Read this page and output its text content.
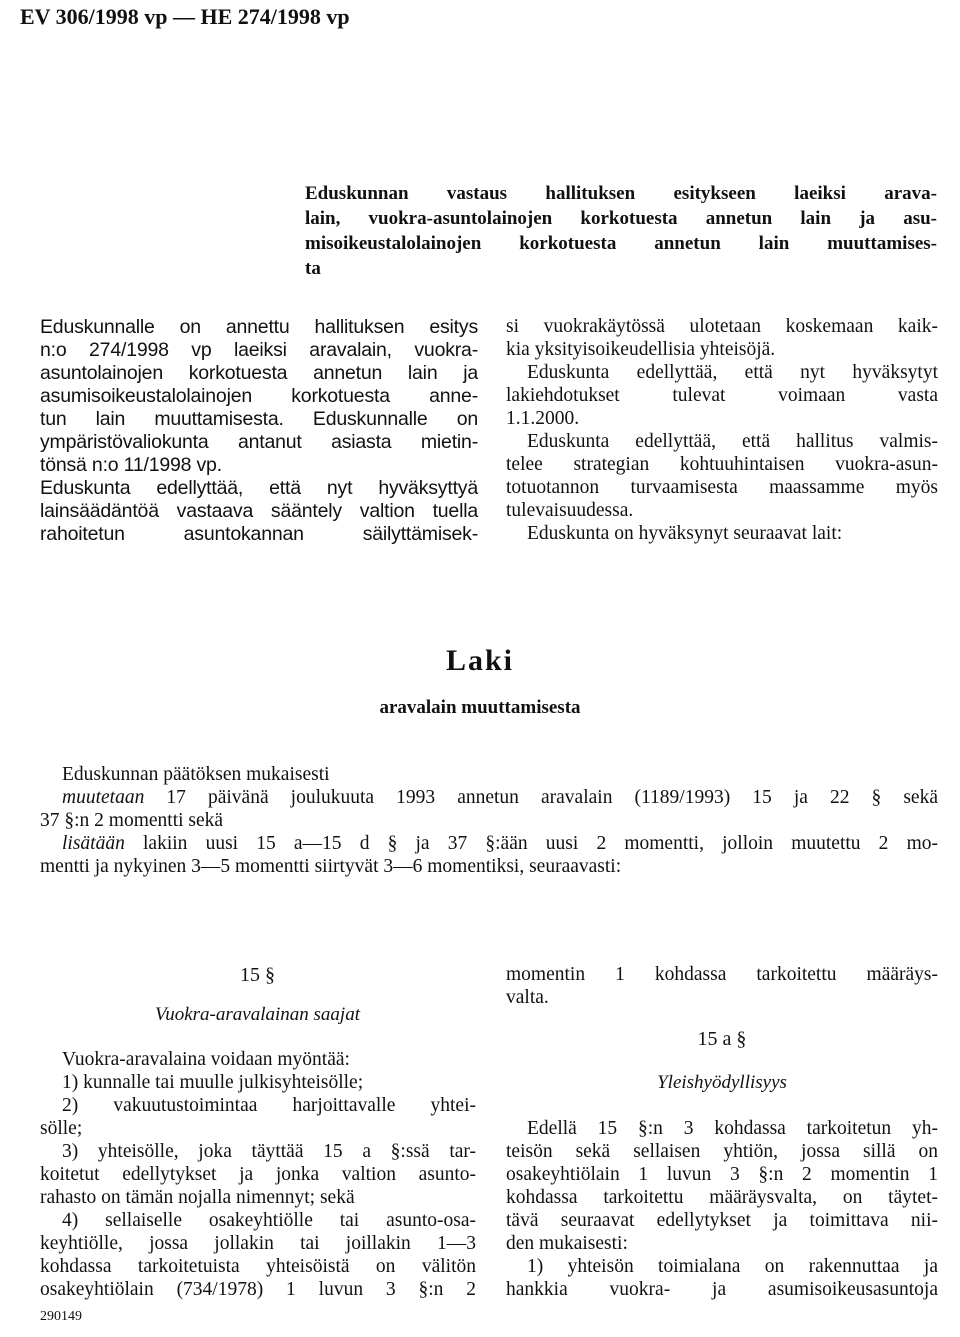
EV 306/1998 vp — HE 274/1998 vp
Eduskunnan vastaus hallituksen esitykseen laeiksi arava-
lain, vuokra-asuntolainojen korkotuesta annetun lain ja asu-
misoikeustalolainojen korkotuesta annetun lain muuttamises-
ta
Eduskunnalle on annettu hallituksen esitys
n:o 274/1998 vp laeiksi aravalain, vuokra-
asuntolainojen korkotuesta annetun lain ja
asumisoikeustalolainojen korkotuesta anne-
tun lain muuttamisesta. Eduskunnalle on
ympäristövaliokunta antanut asiasta mietin-
tönsä n:o 11/1998 vp.
Eduskunta edellyttää, että nyt hyväksyttyä
lainsäädäntöä vastaava sääntely valtion tuella
rahoitetun asuntokannan säilyttämisek-
si vuokrakäytössä ulotetaan koskemaan kaik-
kia yksityisoikeudellisia yhteisöjä.
Eduskunta edellyttää, että nyt hyväksytyt
lakiehdotukset tulevat voimaan vasta
1.1.2000.
Eduskunta edellyttää, että hallitus valmis-
telee strategian kohtuuhintaisen vuokra-asun-
totuotannon turvaamisesta maassamme myös
tulevaisuudessa.
Eduskunta on hyväksynyt seuraavat lait:
Laki
aravalain muuttamisesta
Eduskunnan päätöksen mukaisesti
muutetaan 17 päivänä joulukuuta 1993 annetun aravalain (1189/1993) 15 ja 22 § sekä
37 §:n 2 momentti sekä
lisätään lakiin uusi 15 a—15 d § ja 37 §:ään uusi 2 momentti, jolloin muutettu 2 mo-
mentti ja nykyinen 3—5 momentti siirtyvät 3—6 momentiksi, seuraavasti:
15 §
Vuokra-aravalainan saajat
Vuokra-aravalaina voidaan myöntää:
1) kunnalle tai muulle julkisyhteisölle;
2) vakuutustoimintaa harjoittavalle yhtei-
sölle;
3) yhteisölle, joka täyttää 15 a §:ssä tar-
koitetut edellytykset ja jonka valtion asunto-
rahasto on tämän nojalla nimennyt; sekä
4) sellaiselle osakeyhtiölle tai asunto-osa-
keyhtiölle, jossa jollakin tai joillakin 1—3
kohdassa tarkoitetuista yhteisöistä on välitön
osakeyhtiölain (734/1978) 1 luvun 3 §:n 2
momentin 1 kohdassa tarkoitettu määräys-
valta.
15 a §
Yleishyödyllisyys
Edellä 15 §:n 3 kohdassa tarkoitetun yh-
teisön sekä sellaisen yhtiön, jossa sillä on
osakeyhtiölain 1 luvun 3 §:n 2 momentin 1
kohdassa tarkoitettu määräysvalta, on täytet-
tävä seuraavat edellytykset ja toimittava nii-
den mukaisesti:
1) yhteisön toimialana on rakennuttaa ja
hankkia vuokra- ja asumisoikeusasuntoja
290149
